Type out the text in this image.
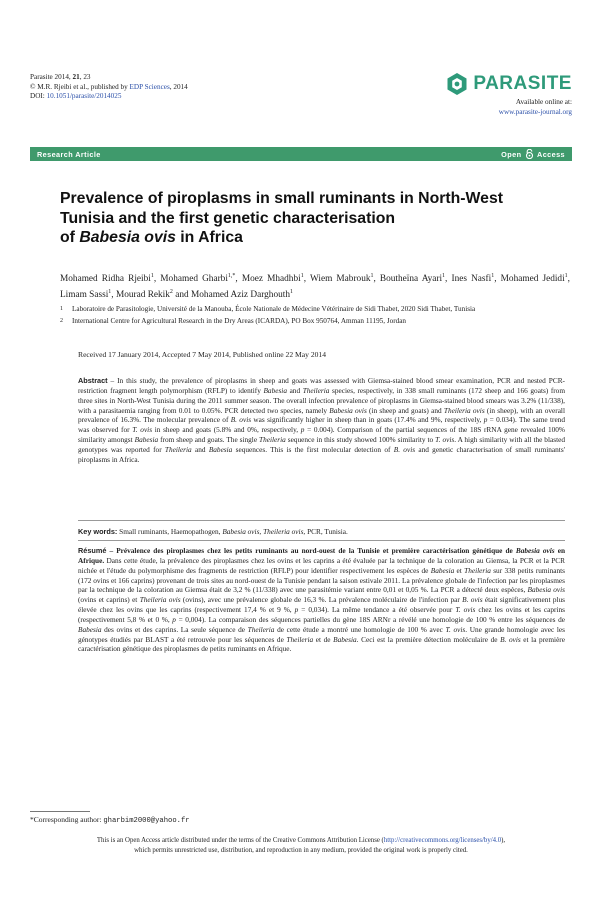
Parasite 2014, 21, 23
© M.R. Rjeibi et al., published by EDP Sciences, 2014
DOI: 10.1051/parasite/2014025
PARASITE
Available online at:
www.parasite-journal.org
Research Article	Open Access
Prevalence of piroplasms in small ruminants in North-West
Tunisia and the first genetic characterisation
of Babesia ovis in Africa
Mohamed Ridha Rjeibi$^1$, Mohamed Gharbi$^{1,*}$, Moez Mhadhbi$^1$, Wiem Mabrouk$^1$, Boutheïna Ayari$^1$, Ines Nasfi$^1$, Mohamed Jedidi$^1$, Limam Sassi$^1$, Mourad Rekik$^2$ and Mohamed Aziz Darghouth$^1$
1	Laboratoire de Parasitologie, Université de la Manouba, École Nationale de Médecine Vétérinaire de Sidi Thabet, 2020 Sidi Thabet, Tunisia
2	International Centre for Agricultural Research in the Dry Areas (ICARDA), PO Box 950764, Amman 11195, Jordan
Received 17 January 2014, Accepted 7 May 2014, Published online 22 May 2014
Abstract – In this study, the prevalence of piroplasms in sheep and goats was assessed with Giemsa-stained blood smear examination, PCR and nested PCR-restriction fragment length polymorphism (RFLP) to identify Babesia and Theileria species, respectively, in 338 small ruminants (172 sheep and 166 goats) from three sites in North-West Tunisia during the 2011 summer season. The overall infection prevalence of piroplasms in Giemsa-stained blood smears was 3.2% (11/338), with a parasitaemia ranging from 0.01 to 0.05%. PCR detected two species, namely Babesia ovis (in sheep and goats) and Theileria ovis (in sheep), with an overall prevalence of 16.3%. The molecular prevalence of B. ovis was significantly higher in sheep than in goats (17.4% and 9%, respectively, p = 0.034). The same trend was observed for T. ovis in sheep and goats (5.8% and 0%, respectively, p = 0.004). Comparison of the partial sequences of the 18S rRNA gene revealed 100% similarity amongst Babesia from sheep and goats. The single Theileria sequence in this study showed 100% similarity to T. ovis. A high similarity with all the blasted genotypes was reported for Theileria and Babesia sequences. This is the first molecular detection of B. ovis and genetic characterisation of small ruminants' piroplasms in Africa.
Key words: Small ruminants, Haemopathogen, Babesia ovis, Theileria ovis, PCR, Tunisia.
Résumé – Prévalence des piroplasmes chez les petits ruminants au nord-ouest de la Tunisie et première caractérisation génétique de Babesia ovis en Afrique. Dans cette étude, la prévalence des piroplasmes chez les ovins et les caprins a été évaluée par la technique de la coloration au Giemsa, la PCR et la PCR nichée et l'étude du polymorphisme des fragments de restriction (RFLP) pour identifier respectivement les espèces de Babesia et Theileria sur 338 petits ruminants (172 ovins et 166 caprins) provenant de trois sites au nord-ouest de la Tunisie pendant la saison estivale 2011. La prévalence globale de l'infection par les piroplasmes par la technique de la coloration au Giemsa était de 3,2 % (11/338) avec une parasitémie variant entre 0,01 et 0,05 %. La PCR a détecté deux espèces, Babesia ovis (ovins et caprins) et Theileria ovis (ovins), avec une prévalence globale de 16,3 %. La prévalence moléculaire de l'infection par B. ovis était significativement plus élevée chez les ovins que les caprins (respectivement 17,4 % et 9 %, p = 0,034). La même tendance a été observée pour T. ovis chez les ovins et les caprins (respectivement 5,8 % et 0 %, p = 0,004). La comparaison des séquences partielles du gène 18S ARNr a révélé une homologie de 100 % entre les séquences de Babesia des ovins et des caprins. La seule séquence de Theileria de cette étude a montré une homologie de 100 % avec T. ovis. Une grande homologie avec les génotypes étudiés par BLAST a été retrouvée pour les séquences de Theileria et de Babesia. Ceci est la première détection moléculaire de B. ovis et la première caractérisation génétique des piroplasmes de petits ruminants en Afrique.
*Corresponding author: gharbim2000@yahoo.fr
This is an Open Access article distributed under the terms of the Creative Commons Attribution License (http://creativecommons.org/licenses/by/4.0),
which permits unrestricted use, distribution, and reproduction in any medium, provided the original work is properly cited.
